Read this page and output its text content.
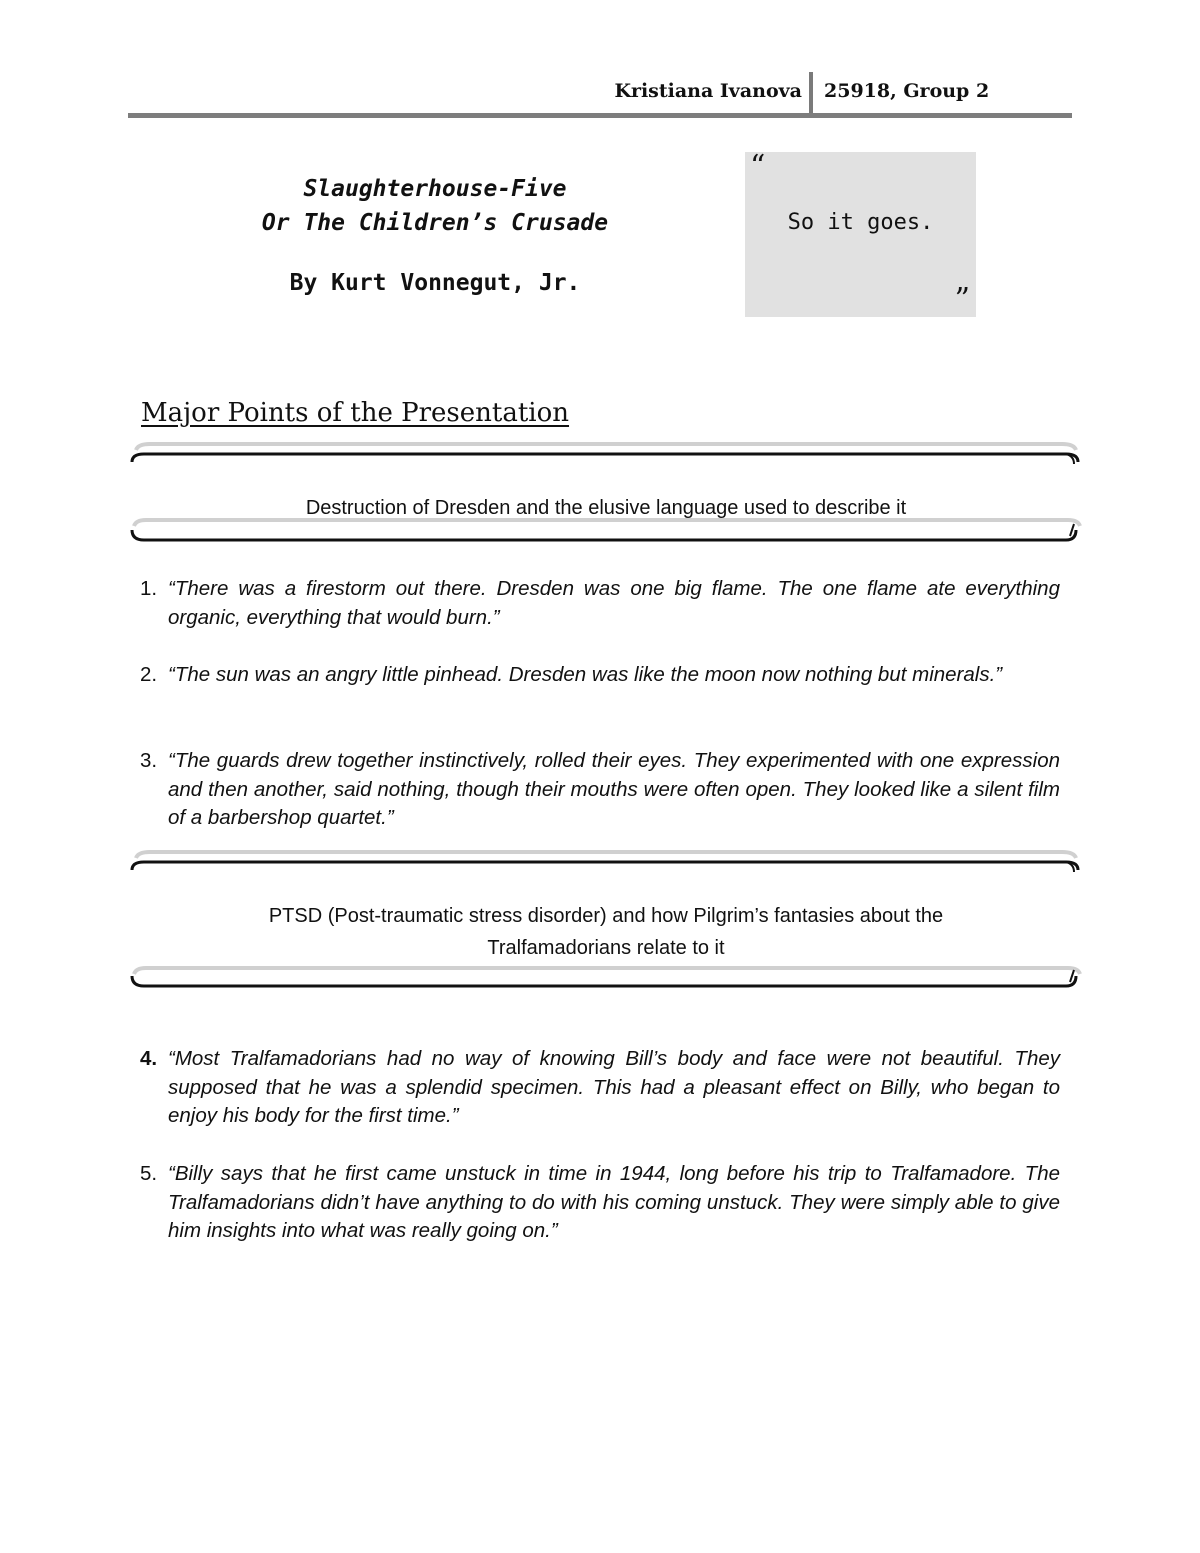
Kristiana Ivanova 25918, Group 2
Slaughterhouse-Five
Or The Children’s Crusade
By Kurt Vonnegut, Jr.
“
So it goes.
”
Major Points of the Presentation
Destruction of Dresden and the elusive language used to describe it
1. “There was a firestorm out there. Dresden was one big flame. The one flame ate everything organic, everything that would burn.”
2. “The sun was an angry little pinhead. Dresden was like the moon now nothing but minerals.”
3. “The guards drew together instinctively, rolled their eyes. They experimented with one expression and then another, said nothing, though their mouths were often open. They looked like a silent film of a barbershop quartet.”
PTSD (Post-traumatic stress disorder) and how Pilgrim’s fantasies about the
Tralfamadorians relate to it
4. “Most Tralfamadorians had no way of knowing Bill’s body and face were not beautiful. They supposed that he was a splendid specimen. This had a pleasant effect on Billy, who began to enjoy his body for the first time.”
5. “Billy says that he first came unstuck in time in 1944, long before his trip to Tralfamadore. The Tralfamadorians didn’t have anything to do with his coming unstuck. They were simply able to give him insights into what was really going on.”
